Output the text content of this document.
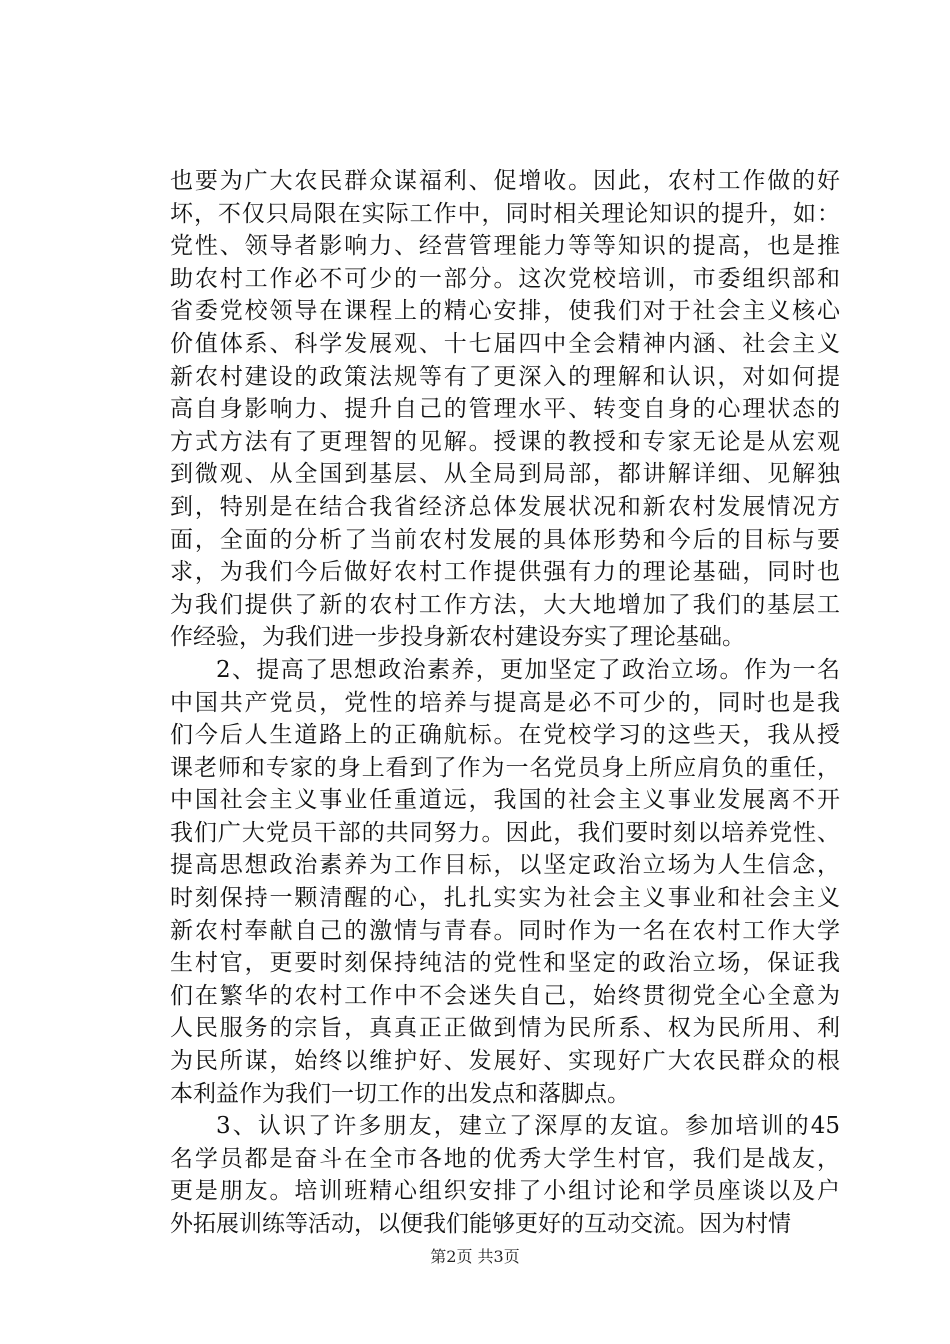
也要为广大农民群众谋福利、促增收。因此，农村工作做的好
坏，不仅只局限在实际工作中，同时相关理论知识的提升，如：
党性、领导者影响力、经营管理能力等等知识的提高，也是推
助农村工作必不可少的一部分。这次党校培训，市委组织部和
省委党校领导在课程上的精心安排，使我们对于社会主义核心
价值体系、科学发展观、十七届四中全会精神内涵、社会主义
新农村建设的政策法规等有了更深入的理解和认识，对如何提
高自身影响力、提升自己的管理水平、转变自身的心理状态的
方式方法有了更理智的见解。授课的教授和专家无论是从宏观
到微观、从全国到基层、从全局到局部，都讲解详细、见解独
到，特别是在结合我省经济总体发展状况和新农村发展情况方
面，全面的分析了当前农村发展的具体形势和今后的目标与要
求，为我们今后做好农村工作提供强有力的理论基础，同时也
为我们提供了新的农村工作方法，大大地增加了我们的基层工
作经验，为我们进一步投身新农村建设夯实了理论基础。
2、提高了思想政治素养，更加坚定了政治立场。作为一名
中国共产党员，党性的培养与提高是必不可少的，同时也是我
们今后人生道路上的正确航标。在党校学习的这些天，我从授
课老师和专家的身上看到了作为一名党员身上所应肩负的重任，
中国社会主义事业任重道远，我国的社会主义事业发展离不开
我们广大党员干部的共同努力。因此，我们要时刻以培养党性、
提高思想政治素养为工作目标，以坚定政治立场为人生信念，
时刻保持一颗清醒的心，扎扎实实为社会主义事业和社会主义
新农村奉献自己的激情与青春。同时作为一名在农村工作大学
生村官，更要时刻保持纯洁的党性和坚定的政治立场，保证我
们在繁华的农村工作中不会迷失自己，始终贯彻党全心全意为
人民服务的宗旨，真真正正做到情为民所系、权为民所用、利
为民所谋，始终以维护好、发展好、实现好广大农民群众的根
本利益作为我们一切工作的出发点和落脚点。
3、认识了许多朋友，建立了深厚的友谊。参加培训的45
名学员都是奋斗在全市各地的优秀大学生村官，我们是战友，
更是朋友。培训班精心组织安排了小组讨论和学员座谈以及户
外拓展训练等活动，以便我们能够更好的互动交流。因为村情
第2页 共3页
